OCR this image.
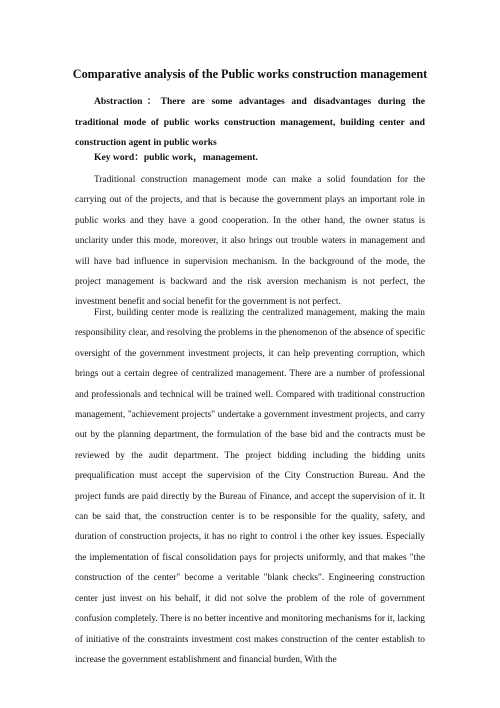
Comparative analysis of the Public works construction management
Abstraction：There are some advantages and disadvantages during the traditional mode of public works construction management, building center and construction agent in public works
Key word：public work，management.

Traditional construction management mode can make a solid foundation for the carrying out of the projects, and that is because the government plays an important role in public works and they have a good cooperation. In the other hand, the owner status is unclarity under this mode, moreover, it also brings out trouble waters in management and will have bad influence in supervision mechanism. In the background of the mode, the project management is backward and the risk aversion mechanism is not perfect, the investment benefit and social benefit for the government is not perfect.

First, building center mode is realizing the centralized management, making the main responsibility clear, and resolving the problems in the phenomenon of the absence of specific oversight of the government investment projects, it can help preventing corruption, which brings out a certain degree of centralized management. There are a number of professional and professionals and technical will be trained well. Compared with traditional construction management, "achievement projects" undertake a government investment projects, and carry out by the planning department, the formulation of the base bid and the contracts must be reviewed by the audit department. The project bidding including the bidding units prequalification must accept the supervision of the City Construction Bureau. And the project funds are paid directly by the Bureau of Finance, and accept the supervision of it. It can be said that, the construction center is to be responsible for the quality, safety, and duration of construction projects, it has no right to control i the other key issues. Especially the implementation of fiscal consolidation pays for projects uniformly, and that makes "the construction of the center" become a veritable "blank checks". Engineering construction center just invest on his behalf, it did not solve the problem of the role of government confusion completely. There is no better incentive and monitoring mechanisms for it, lacking of initiative of the constraints investment cost makes construction of the center establish to increase the government establishment and financial burden, With the
